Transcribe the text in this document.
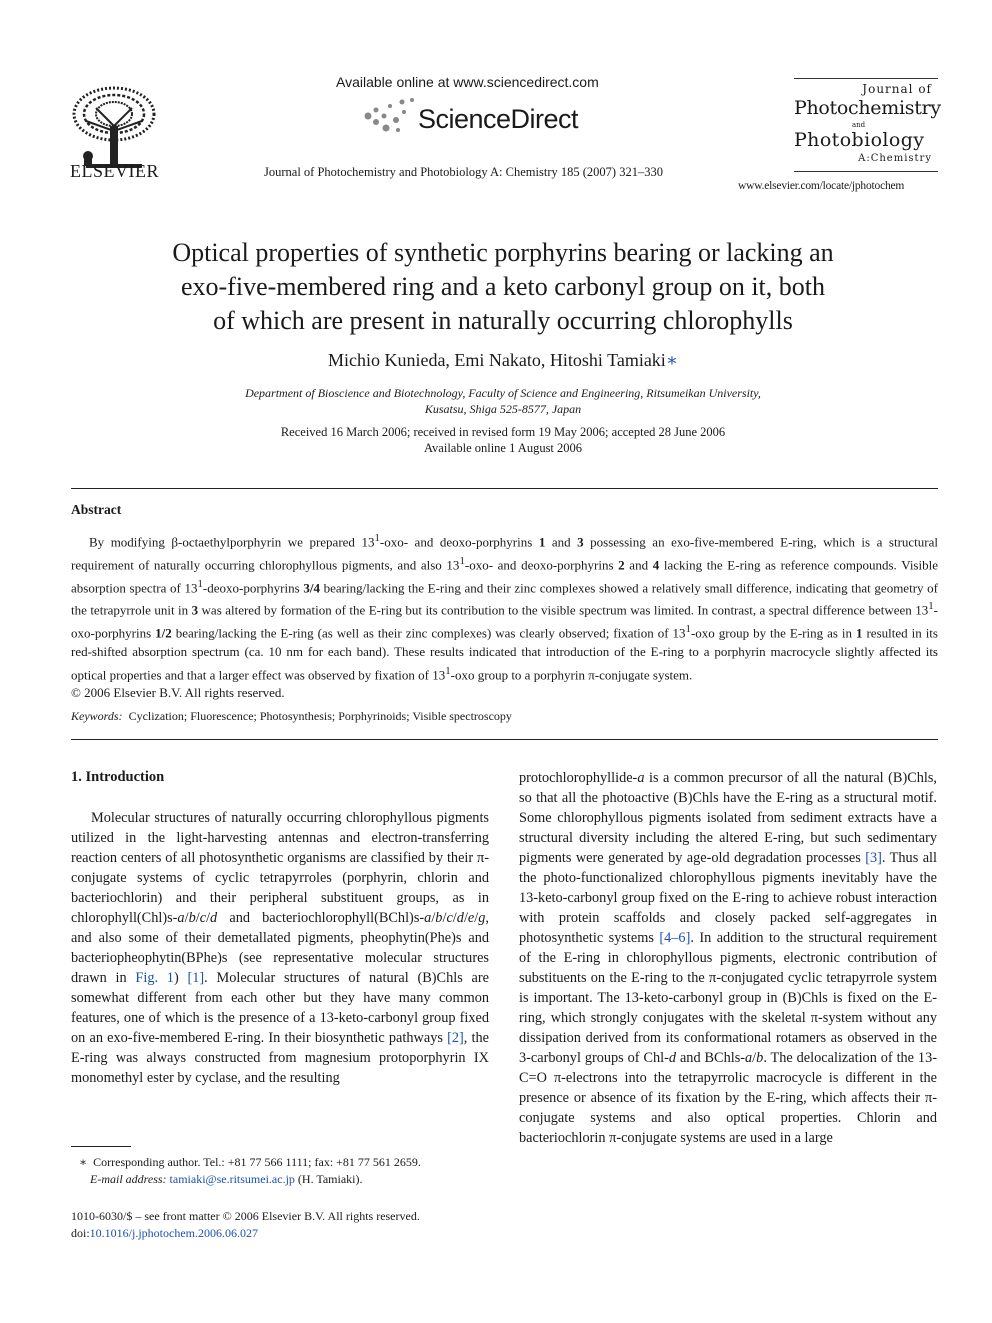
ELSEVIER
Available online at www.sciencedirect.com
ScienceDirect
Journal of Photochemistry and Photobiology A: Chemistry 185 (2007) 321–330
Journal of
Photochemistry
and
Photobiology
A:Chemistry
www.elsevier.com/locate/jphotochem
Optical properties of synthetic porphyrins bearing or lacking an
exo-five-membered ring and a keto carbonyl group on it, both
of which are present in naturally occurring chlorophylls
Michio Kunieda, Emi Nakato, Hitoshi Tamiaki∗
Department of Bioscience and Biotechnology, Faculty of Science and Engineering, Ritsumeikan University,
Kusatsu, Shiga 525-8577, Japan
Received 16 March 2006; received in revised form 19 May 2006; accepted 28 June 2006
Available online 1 August 2006
Abstract

By modifying β-octaethylporphyrin we prepared $13^1-oxo-$ and deoxo-porphyrins 1 and 3 possessing an exo-five-membered E-ring, which is a structural requirement of naturally occurring chlorophyllous pigments, and also $13^1-oxo-$ and deoxo-porphyrins 2 and 4 lacking the E-ring as reference compounds. Visible absorption spectra of $13^1-deoxo$-porphyrins 3/4 bearing/lacking the E-ring and their zinc complexes showed a relatively small difference, indicating that geometry of the tetrapyrrole unit in 3 was altered by formation of the E-ring but its contribution to the visible spectrum was limited. In contrast, a spectral difference between $13^1-oxo$-porphyrins 1/2 bearing/lacking the E-ring (as well as their zinc complexes) was clearly observed; fixation of $13^1$-oxo group by the E-ring as in 1 resulted in its red-shifted absorption spectrum (ca. 10 nm for each band). These results indicated that introduction of the E-ring to a porphyrin macrocycle slightly affected its optical properties and that a larger effect was observed by fixation of $13^1$-oxo group to a porphyrin π-conjugate system.

© 2006 Elsevier B.V. All rights reserved.

Keywords: Cyclization; Fluorescence; Photosynthesis; Porphyrinoids; Visible spectroscopy
1. Introduction

Molecular structures of naturally occurring chlorophyllous pigments utilized in the light-harvesting antennas and electron-transferring reaction centers of all photosynthetic organisms are classified by their π-conjugate systems of cyclic tetrapyrroles (porphyrin, chlorin and bacteriochlorin) and their peripheral substituent groups, as in chlorophyll(Chl)s-a/b/c/d and bacteriochlorophyll(BChl)s-a/b/c/d/e/g, and also some of their demetallated pigments, pheophytin(Phe)s and bacteriopheophytin(BPhe)s (see representative molecular structures drawn in Fig. 1) [1]. Molecular structures of natural (B)Chls are somewhat different from each other but they have many common features, one of which is the presence of a 13-keto-carbonyl group fixed on an exo-five-membered E-ring. In their biosynthetic pathways [2], the E-ring was always constructed from magnesium protoporphyrin IX monomethyl ester by cyclase, and the resulting

protochlorophyllide-a is a common precursor of all the natural (B)Chls, so that all the photoactive (B)Chls have the E-ring as a structural motif. Some chlorophyllous pigments isolated from sediment extracts have a structural diversity including the altered E-ring, but such sedimentary pigments were generated by age-old degradation processes [3]. Thus all the photo-functionalized chlorophyllous pigments inevitably have the 13-keto-carbonyl group fixed on the E-ring to achieve robust interaction with protein scaffolds and closely packed self-aggregates in photosynthetic systems [4–6]. In addition to the structural requirement of the E-ring in chlorophyllous pigments, electronic contribution of substituents on the E-ring to the π-conjugated cyclic tetrapyrrole system is important. The 13-keto-carbonyl group in (B)Chls is fixed on the E-ring, which strongly conjugates with the skeletal π-system without any dissipation derived from its conformational rotamers as observed in the 3-carbonyl groups of Chl-d and BChls-a/b. The delocalization of the 13-C=O π-electrons into the tetrapyrrolic macrocycle is different in the presence or absence of its fixation by the E-ring, which affects their π-conjugate systems and also optical properties. Chlorin and bacteriochlorin π-conjugate systems are used in a large

∗ Corresponding author. Tel.: +81 77 566 1111; fax: +81 77 561 2659.
E-mail address: tamiaki@se.ritsumei.ac.jp (H. Tamiaki).
1010-6030/$ – see front matter © 2006 Elsevier B.V. All rights reserved.
doi:10.1016/j.jphotochem.2006.06.027
